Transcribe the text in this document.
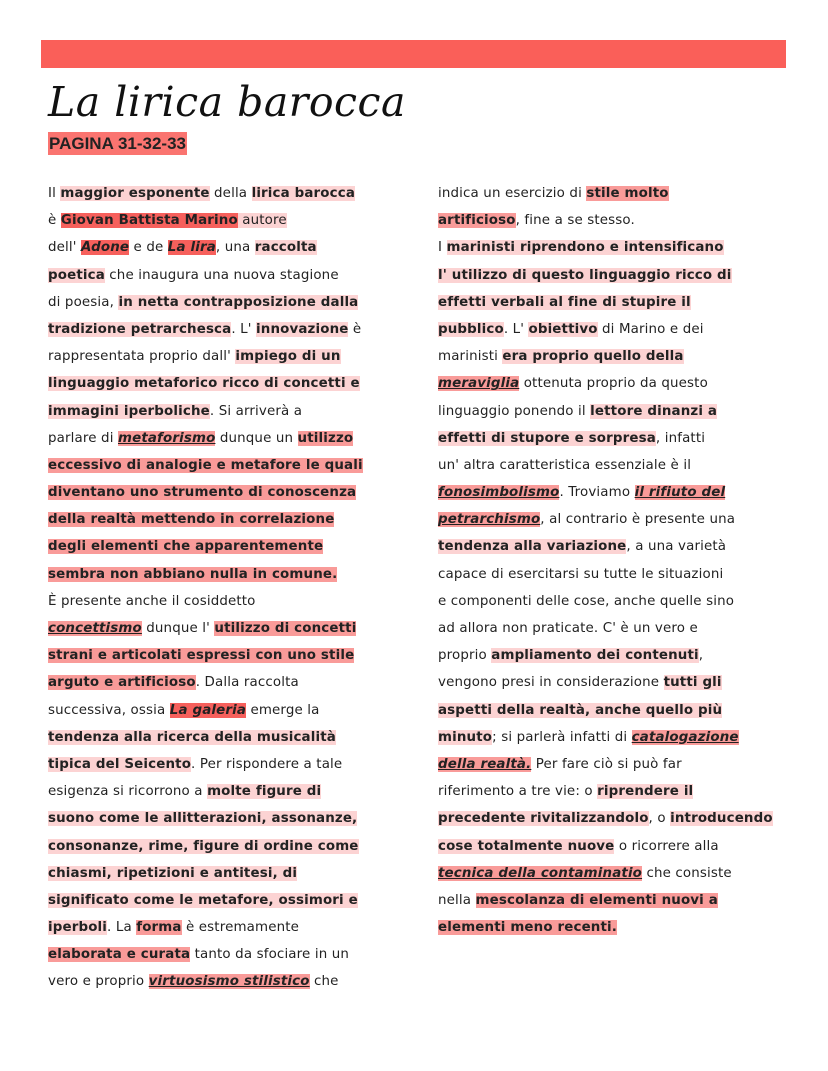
La lirica barocca
PAGINA 31-32-33
Il maggior esponente della lirica barocca
è Giovan Battista Marino autore
dell' Adone e de La lira, una raccolta
poetica che inaugura una nuova stagione
di poesia, in netta contrapposizione dalla
tradizione petrarchesca. L' innovazione è
rappresentata proprio dall' impiego di un
linguaggio metaforico ricco di concetti e
immagini iperboliche. Si arriverà a
parlare di metaforismo dunque un utilizzo
eccessivo di analogie e metafore le quali
diventano uno strumento di conoscenza
della realtà mettendo in correlazione
degli elementi che apparentemente
sembra non abbiano nulla in comune.
È presente anche il cosiddetto
concettismo dunque l' utilizzo di concetti
strani e articolati espressi con uno stile
arguto e artificioso. Dalla raccolta
successiva, ossia La galeria emerge la
tendenza alla ricerca della musicalità
tipica del Seicento. Per rispondere a tale
esigenza si ricorrono a molte figure di
suono come le allitterazioni, assonanze,
consonanze, rime, figure di ordine come
chiasmi, ripetizioni e antitesi, di
significato come le metafore, ossimori e
iperboli. La forma è estremamente
elaborata e curata tanto da sfociare in un
vero e proprio virtuosismo stilistico che
indica un esercizio di stile molto
artificioso, fine a se stesso.
I marinisti riprendono e intensificano
l' utilizzo di questo linguaggio ricco di
effetti verbali al fine di stupire il
pubblico. L' obiettivo di Marino e dei
marinisti era proprio quello della
meraviglia ottenuta proprio da questo
linguaggio ponendo il lettore dinanzi a
effetti di stupore e sorpresa, infatti
un' altra caratteristica essenziale è il
fonosimbolismo. Troviamo il rifiuto del
petrarchismo, al contrario è presente una
tendenza alla variazione, a una varietà
capace di esercitarsi su tutte le situazioni
e componenti delle cose, anche quelle sino
ad allora non praticate. C' è un vero e
proprio ampliamento dei contenuti,
vengono presi in considerazione tutti gli
aspetti della realtà, anche quello più
minuto; si parlerà infatti di catalogazione
della realtà. Per fare ciò si può far
riferimento a tre vie: o riprendere il
precedente rivitalizzandolo, o introducendo
cose totalmente nuove o ricorrere alla
tecnica della contaminatio che consiste
nella mescolanza di elementi nuovi a
elementi meno recenti.
